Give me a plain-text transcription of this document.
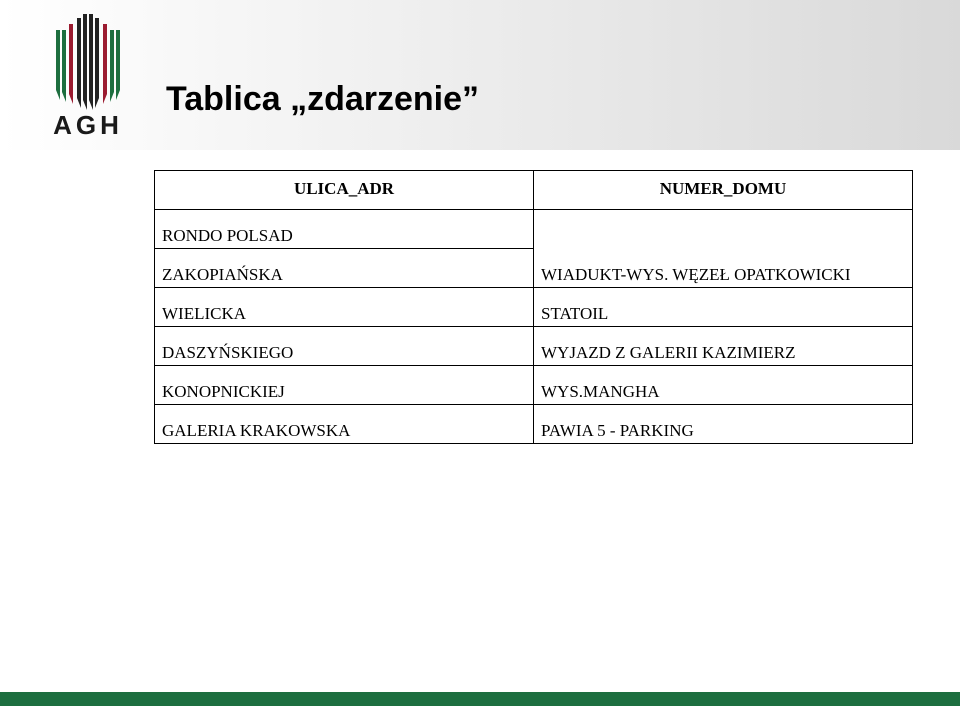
AGH
Tablica „zdarzenie”
ULICA_ADR	NUMER_DOMU
RONDO POLSAD	
ZAKOPIAŃSKA	WIADUKT-WYS. WĘZEŁ OPATKOWICKI
WIELICKA	STATOIL
DASZYŃSKIEGO	WYJAZD Z GALERII KAZIMIERZ
KONOPNICKIEJ	WYS.MANGHA
GALERIA KRAKOWSKA	PAWIA 5 - PARKING
